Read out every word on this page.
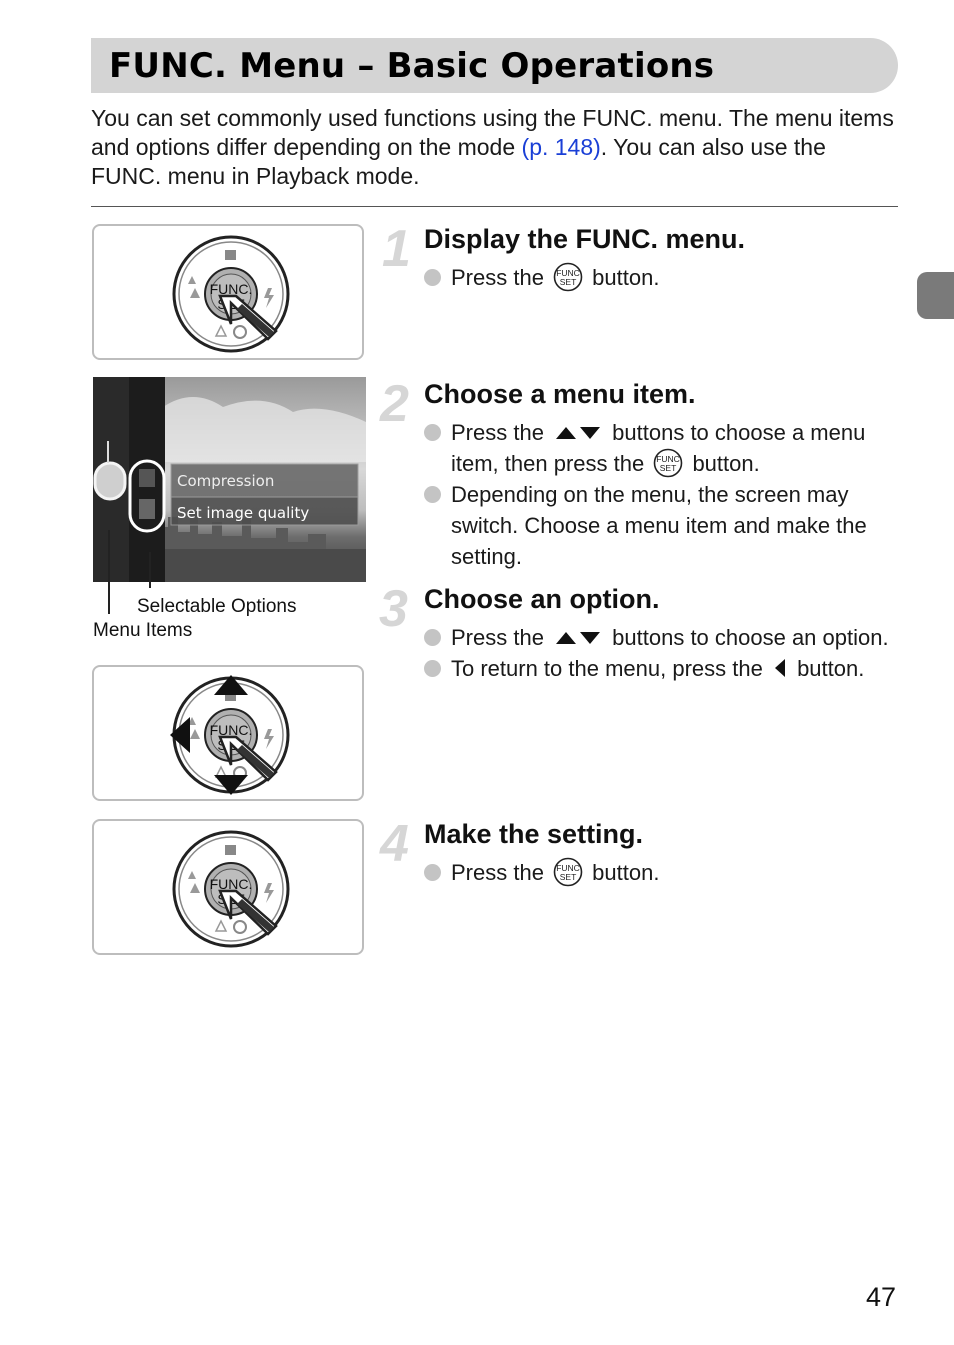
FUNC. Menu – Basic Operations

You can set commonly used functions using the FUNC. menu. The menu items and options differ depending on the mode (p. 148). You can also use the FUNC. menu in Playback mode.

Compression
Set image quality
Selectable Options
Menu Items
1 Display the FUNC. menu.
Press the  button.
2 Choose a menu item.
Press the	buttons to choose a menu item, then press the  button.
Depending on the menu, the screen may switch. Choose a menu item and make the setting.
3 Choose an option.
Press the	buttons to choose an option.
To return to the menu, press the  button.
4 Make the setting.
Press the  button.
47
